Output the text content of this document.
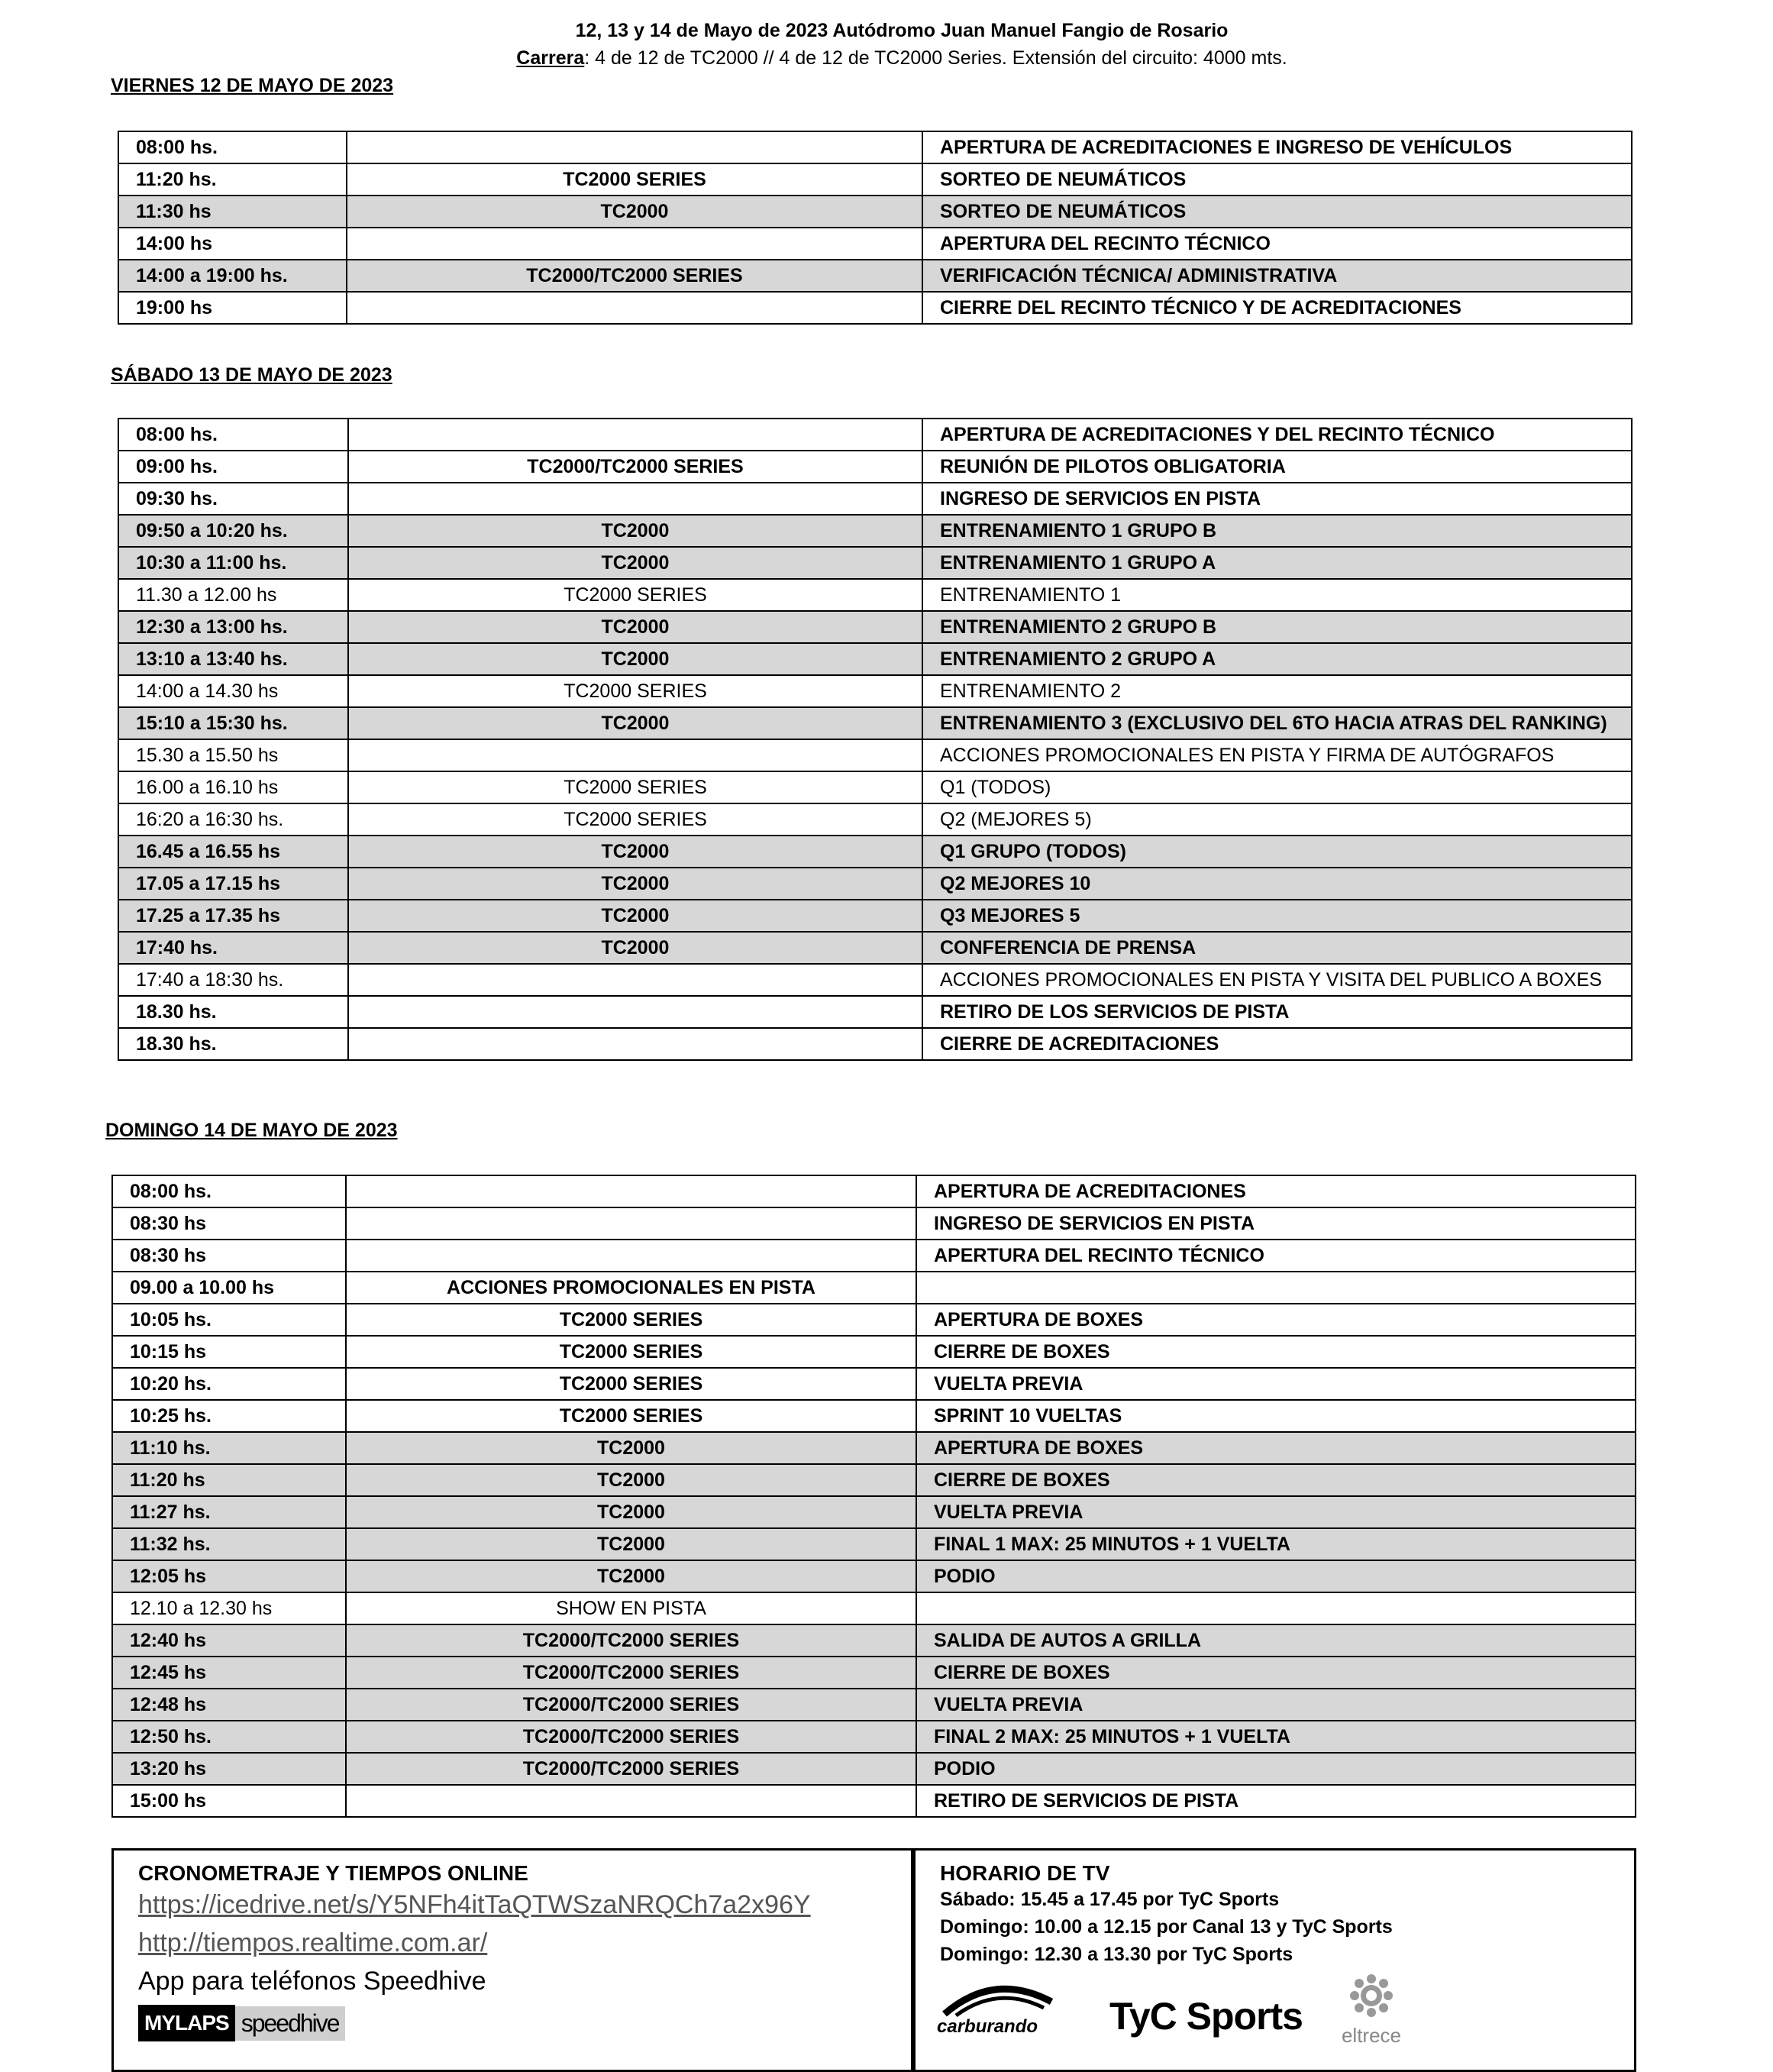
12, 13 y 14 de Mayo de 2023 Autódromo Juan Manuel Fangio de Rosario
Carrera: 4 de 12 de TC2000 // 4 de 12 de TC2000 Series. Extensión del circuito: 4000 mts.
VIERNES 12 DE MAYO DE 2023
08:00 hs.		APERTURA DE ACREDITACIONES E INGRESO DE VEHÍCULOS
11:20 hs.	TC2000 SERIES	SORTEO DE NEUMÁTICOS
11:30 hs	TC2000	SORTEO DE NEUMÁTICOS
14:00 hs		APERTURA DEL RECINTO TÉCNICO
14:00 a 19:00 hs.	TC2000/TC2000 SERIES	VERIFICACIÓN TÉCNICA/ ADMINISTRATIVA
19:00 hs		CIERRE DEL RECINTO TÉCNICO Y DE ACREDITACIONES
SÁBADO 13 DE MAYO DE 2023
08:00 hs.		APERTURA DE ACREDITACIONES Y DEL RECINTO TÉCNICO
09:00 hs.	TC2000/TC2000 SERIES	REUNIÓN DE PILOTOS OBLIGATORIA
09:30 hs.		INGRESO DE SERVICIOS EN PISTA
09:50 a 10:20 hs.	TC2000	ENTRENAMIENTO 1 GRUPO B
10:30 a 11:00 hs.	TC2000	ENTRENAMIENTO 1 GRUPO A
11.30 a 12.00 hs	TC2000 SERIES	ENTRENAMIENTO 1
12:30 a 13:00 hs.	TC2000	ENTRENAMIENTO 2 GRUPO B
13:10 a 13:40 hs.	TC2000	ENTRENAMIENTO 2 GRUPO A
14:00 a 14.30 hs	TC2000 SERIES	ENTRENAMIENTO 2
15:10 a 15:30 hs.	TC2000	ENTRENAMIENTO 3 (EXCLUSIVO DEL 6TO HACIA ATRAS DEL RANKING)
15.30 a 15.50 hs		ACCIONES PROMOCIONALES EN PISTA Y FIRMA DE AUTÓGRAFOS
16.00 a 16.10 hs	TC2000 SERIES	Q1 (TODOS)
16:20 a 16:30 hs.	TC2000 SERIES	Q2 (MEJORES 5)
16.45 a 16.55 hs	TC2000	Q1 GRUPO (TODOS)
17.05 a 17.15 hs	TC2000	Q2 MEJORES 10
17.25 a 17.35 hs	TC2000	Q3 MEJORES 5
17:40 hs.	TC2000	CONFERENCIA DE PRENSA
17:40 a 18:30 hs.		ACCIONES PROMOCIONALES EN PISTA Y VISITA DEL PUBLICO A BOXES
18.30 hs.		RETIRO DE LOS SERVICIOS DE PISTA
18.30 hs.		CIERRE DE ACREDITACIONES
DOMINGO 14 DE MAYO DE 2023
08:00 hs.		APERTURA DE ACREDITACIONES
08:30 hs		INGRESO DE SERVICIOS EN PISTA
08:30 hs		APERTURA DEL RECINTO TÉCNICO
09.00 a 10.00 hs	ACCIONES PROMOCIONALES EN PISTA	
10:05 hs.	TC2000 SERIES	APERTURA DE BOXES
10:15 hs	TC2000 SERIES	CIERRE DE BOXES
10:20 hs.	TC2000 SERIES	VUELTA PREVIA
10:25 hs.	TC2000 SERIES	SPRINT 10 VUELTAS
11:10 hs.	TC2000	APERTURA DE BOXES
11:20 hs	TC2000	CIERRE DE BOXES
11:27 hs.	TC2000	VUELTA PREVIA
11:32 hs.	TC2000	FINAL 1 MAX: 25 MINUTOS + 1 VUELTA
12:05 hs	TC2000	PODIO
12.10 a 12.30 hs	SHOW EN PISTA	
12:40 hs	TC2000/TC2000 SERIES	SALIDA DE AUTOS A GRILLA
12:45 hs	TC2000/TC2000 SERIES	CIERRE DE BOXES
12:48 hs	TC2000/TC2000 SERIES	VUELTA PREVIA
12:50 hs.	TC2000/TC2000 SERIES	FINAL 2 MAX: 25 MINUTOS + 1 VUELTA
13:20 hs	TC2000/TC2000 SERIES	PODIO
15:00 hs		RETIRO DE SERVICIOS DE PISTA
CRONOMETRAJE Y TIEMPOS ONLINE
https://icedrive.net/s/Y5NFh4itTaQTWSzaNRQCh7a2x96Y
http://tiempos.realtime.com.ar/
App para teléfonos Speedhive
MYLAPS speedhive
HORARIO DE TV
Sábado: 15.45 a 17.45 por TyC Sports
Domingo: 10.00 a 12.15 por Canal 13 y TyC Sports
Domingo: 12.30 a 13.30 por TyC Sports
carburando	TyC Sports eltrece
